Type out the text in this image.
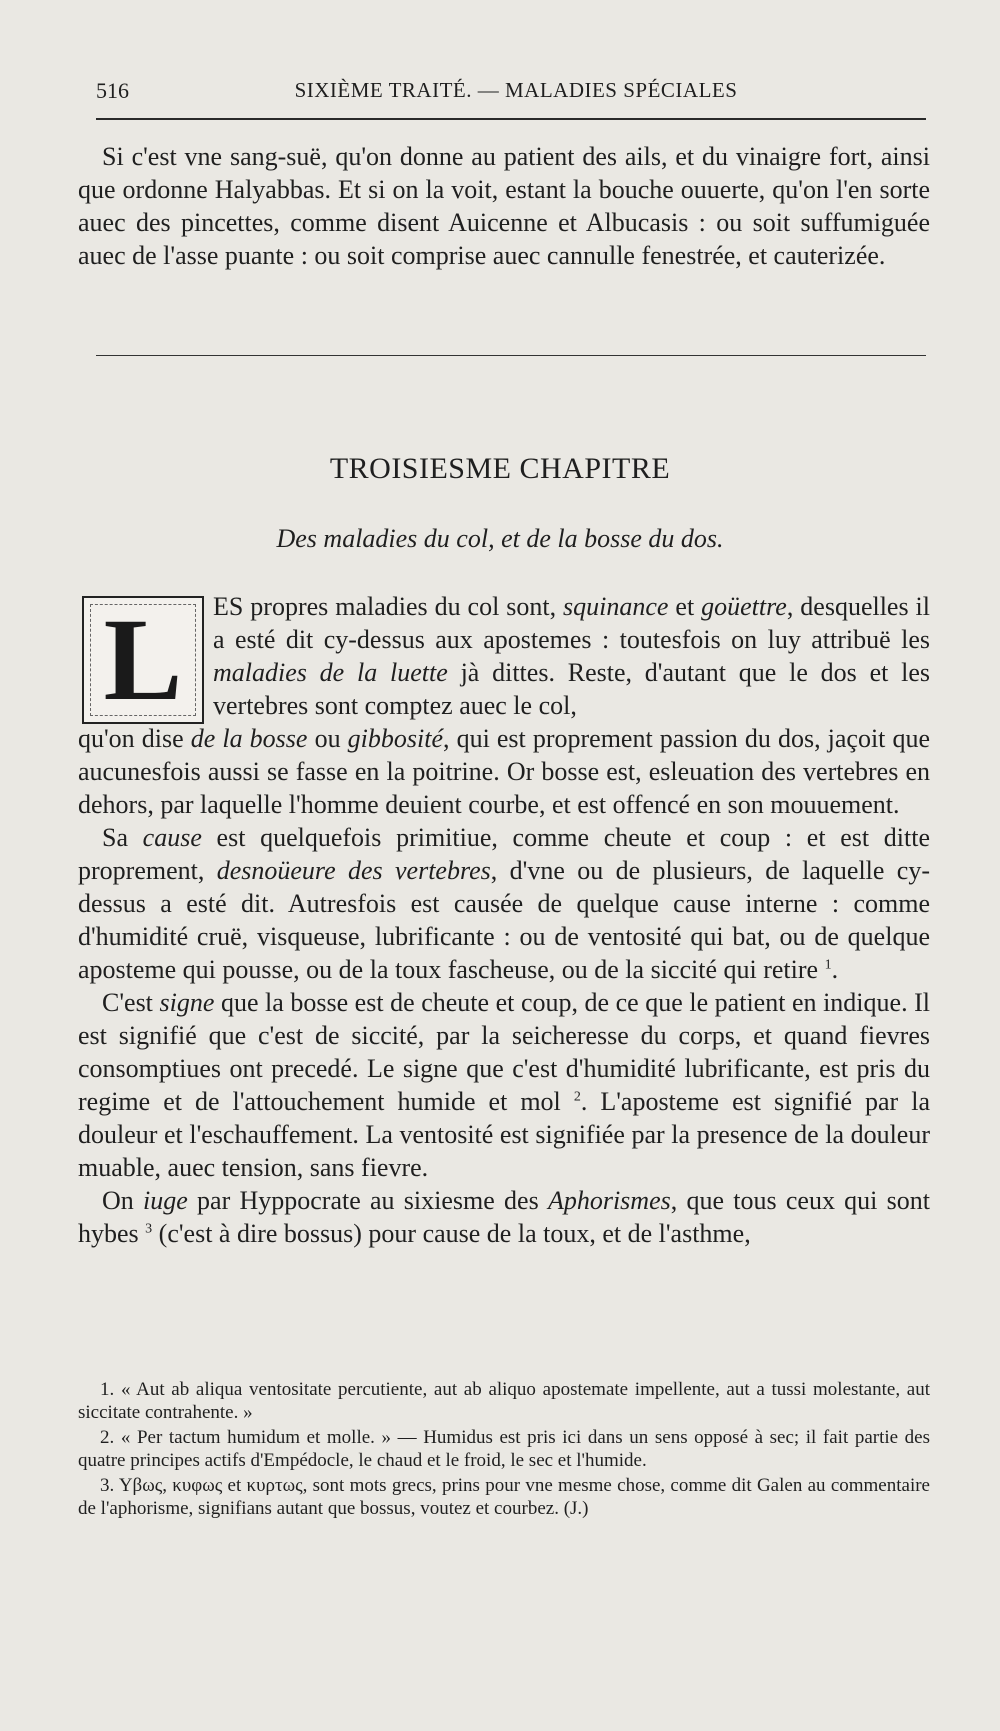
516	SIXIÈME TRAITÉ. — MALADIES SPÉCIALES
Si c'est vne sang-suë, qu'on donne au patient des ails, et du vinaigre fort, ainsi que ordonne Halyabbas. Et si on la voit, estant la bouche ouuerte, qu'on l'en sorte auec des pincettes, comme disent Auicenne et Albucasis : ou soit suffumiguée auec de l'asse puante : ou soit comprise auec cannulle fenestrée, et cauterizée.
TROISIESME CHAPITRE
Des maladies du col, et de la bosse du dos.
L	ES propres maladies du col sont, squinance et goüettre, desquelles il a esté dit cy-dessus aux apostemes : toutesfois on luy attribuë les maladies de la luette jà dittes. Reste, d'autant que le dos et les vertebres sont comptez auec le col,
qu'on dise de la bosse ou gibbosité, qui est proprement passion du dos, jaçoit que aucunesfois aussi se fasse en la poitrine. Or bosse est, esleuation des vertebres en dehors, par laquelle l'homme deuient courbe, et est offencé en son mouuement.
Sa cause est quelquefois primitiue, comme cheute et coup : et est ditte proprement, desnoüeure des vertebres, d'vne ou de plusieurs, de laquelle cy-dessus a esté dit. Autresfois est causée de quelque cause interne : comme d'humidité cruë, visqueuse, lubrificante : ou de ventosité qui bat, ou de quelque aposteme qui pousse, ou de la toux fascheuse, ou de la siccité qui retire $^1$.
C'est signe que la bosse est de cheute et coup, de ce que le patient en indique. Il est signifié que c'est de siccité, par la seicheresse du corps, et quand fievres consomptiues ont precedé. Le signe que c'est d'humidité lubrificante, est pris du regime et de l'attouchement humide et mol $^2$. L'aposteme est signifié par la douleur et l'eschauffement. La ventosité est signifiée par la presence de la douleur muable, auec tension, sans fievre.
On iuge par Hyppocrate au sixiesme des Aphorismes, que tous ceux qui sont hybes $^3$ (c'est à dire bossus) pour cause de la toux, et de l'asthme,

1. « Aut ab aliqua ventositate percutiente, aut ab aliquo apostemate impellente, aut a tussi molestante, aut siccitate contrahente. »

2. « Per tactum humidum et molle. » — Humidus est pris ici dans un sens opposé à sec; il fait partie des quatre principes actifs d'Empédocle, le chaud et le froid, le sec et l'humide.

3. Υβως, κυφως et κυρτως, sont mots grecs, prins pour vne mesme chose, comme dit Galen au commentaire de l'aphorisme, signifians autant que bossus, voutez et courbez. (J.)
